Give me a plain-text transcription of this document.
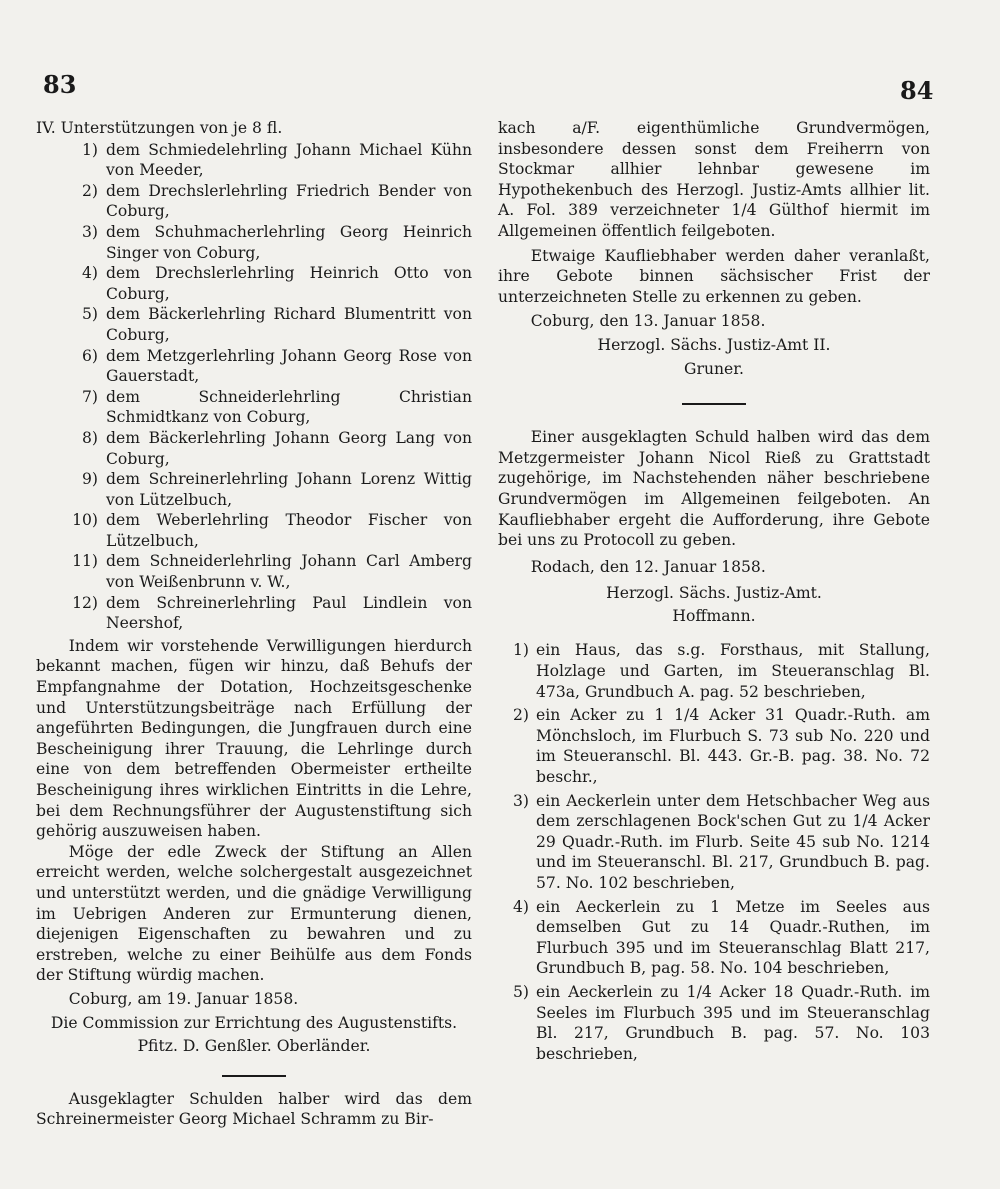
83	84

IV. Unterstützungen von je 8 fl.

1) dem Schmiedelehrling Johann Michael Kühn von Meeder,
2) dem Drechslerlehrling Friedrich Bender von Coburg,
3) dem Schuhmacherlehrling Georg Heinrich Singer von Coburg,
4) dem Drechslerlehrling Heinrich Otto von Coburg,
5) dem Bäckerlehrling Richard Blumentritt von Coburg,
6) dem Metzgerlehrling Johann Georg Rose von Gauerstadt,
7) dem Schneiderlehrling Christian Schmidtkanz von Coburg,
8) dem Bäckerlehrling Johann Georg Lang von Coburg,
9) dem Schreinerlehrling Johann Lorenz Wittig von Lützelbuch,
10) dem Weberlehrling Theodor Fischer von Lützelbuch,
11) dem Schneiderlehrling Johann Carl Amberg von Weißenbrunn v. W.,
12) dem Schreinerlehrling Paul Lindlein von Neershof,

Indem wir vorstehende Verwilligungen hierdurch bekannt machen, fügen wir hinzu, daß Behufs der Empfangnahme der Dotation, Hochzeitsgeschenke und Unterstützungsbeiträge nach Erfüllung der angeführten Bedingungen, die Jungfrauen durch eine Bescheinigung ihrer Trauung, die Lehrlinge durch eine von dem betreffenden Obermeister ertheilte Bescheinigung ihres wirklichen Eintritts in die Lehre, bei dem Rechnungsführer der Augustenstiftung sich gehörig auszuweisen haben.

Möge der edle Zweck der Stiftung an Allen erreicht werden, welche solchergestalt ausgezeichnet und unterstützt werden, und die gnädige Verwilligung im Uebrigen Anderen zur Ermunterung dienen, diejenigen Eigenschaften zu bewahren und zu erstreben, welche zu einer Beihülfe aus dem Fonds der Stiftung würdig machen.

Coburg, am 19. Januar 1858.

Die Commission zur Errichtung des Augustenstifts.

Pfitz. D. Genßler. Oberländer.

Ausgeklagter Schulden halber wird das dem Schreinermeister Georg Michael Schramm zu Bir-

kach a/F. eigenthümliche Grundvermögen, insbesondere dessen sonst dem Freiherrn von Stockmar allhier lehnbar gewesene im Hypothekenbuch des Herzogl. Justiz-Amts allhier lit. A. Fol. 389 verzeichneter 1/4 Gülthof hiermit im Allgemeinen öffentlich feilgeboten.

Etwaige Kaufliebhaber werden daher veranlaßt, ihre Gebote binnen sächsischer Frist der unterzeichneten Stelle zu erkennen zu geben.

Coburg, den 13. Januar 1858.

Herzogl. Sächs. Justiz-Amt II.

Gruner.

Einer ausgeklagten Schuld halben wird das dem Metzgermeister Johann Nicol Rieß zu Grattstadt zugehörige, im Nachstehenden näher beschriebene Grundvermögen im Allgemeinen feilgeboten. An Kaufliebhaber ergeht die Aufforderung, ihre Gebote bei uns zu Protocoll zu geben.

Rodach, den 12. Januar 1858.

Herzogl. Sächs. Justiz-Amt.

Hoffmann.

1) ein Haus, das s.g. Forsthaus, mit Stallung, Holzlage und Garten, im Steueranschlag Bl. 473a, Grundbuch A. pag. 52 beschrieben,
2) ein Acker zu 1 1/4 Acker 31 Quadr.-Ruth. am Mönchsloch, im Flurbuch S. 73 sub No. 220 und im Steueranschl. Bl. 443. Gr.-B. pag. 38. No. 72 beschr.,
3) ein Aeckerlein unter dem Hetschbacher Weg aus dem zerschlagenen Bock'schen Gut zu 1/4 Acker 29 Quadr.-Ruth. im Flurb. Seite 45 sub No. 1214 und im Steueranschl. Bl. 217, Grundbuch B. pag. 57. No. 102 beschrieben,
4) ein Aeckerlein zu 1 Metze im Seeles aus demselben Gut zu 14 Quadr.-Ruthen, im Flurbuch 395 und im Steueranschlag Blatt 217, Grundbuch B, pag. 58. No. 104 beschrieben,
5) ein Aeckerlein zu 1/4 Acker 18 Quadr.-Ruth. im Seeles im Flurbuch 395 und im Steueranschlag Bl. 217, Grundbuch B. pag. 57. No. 103 beschrieben,
